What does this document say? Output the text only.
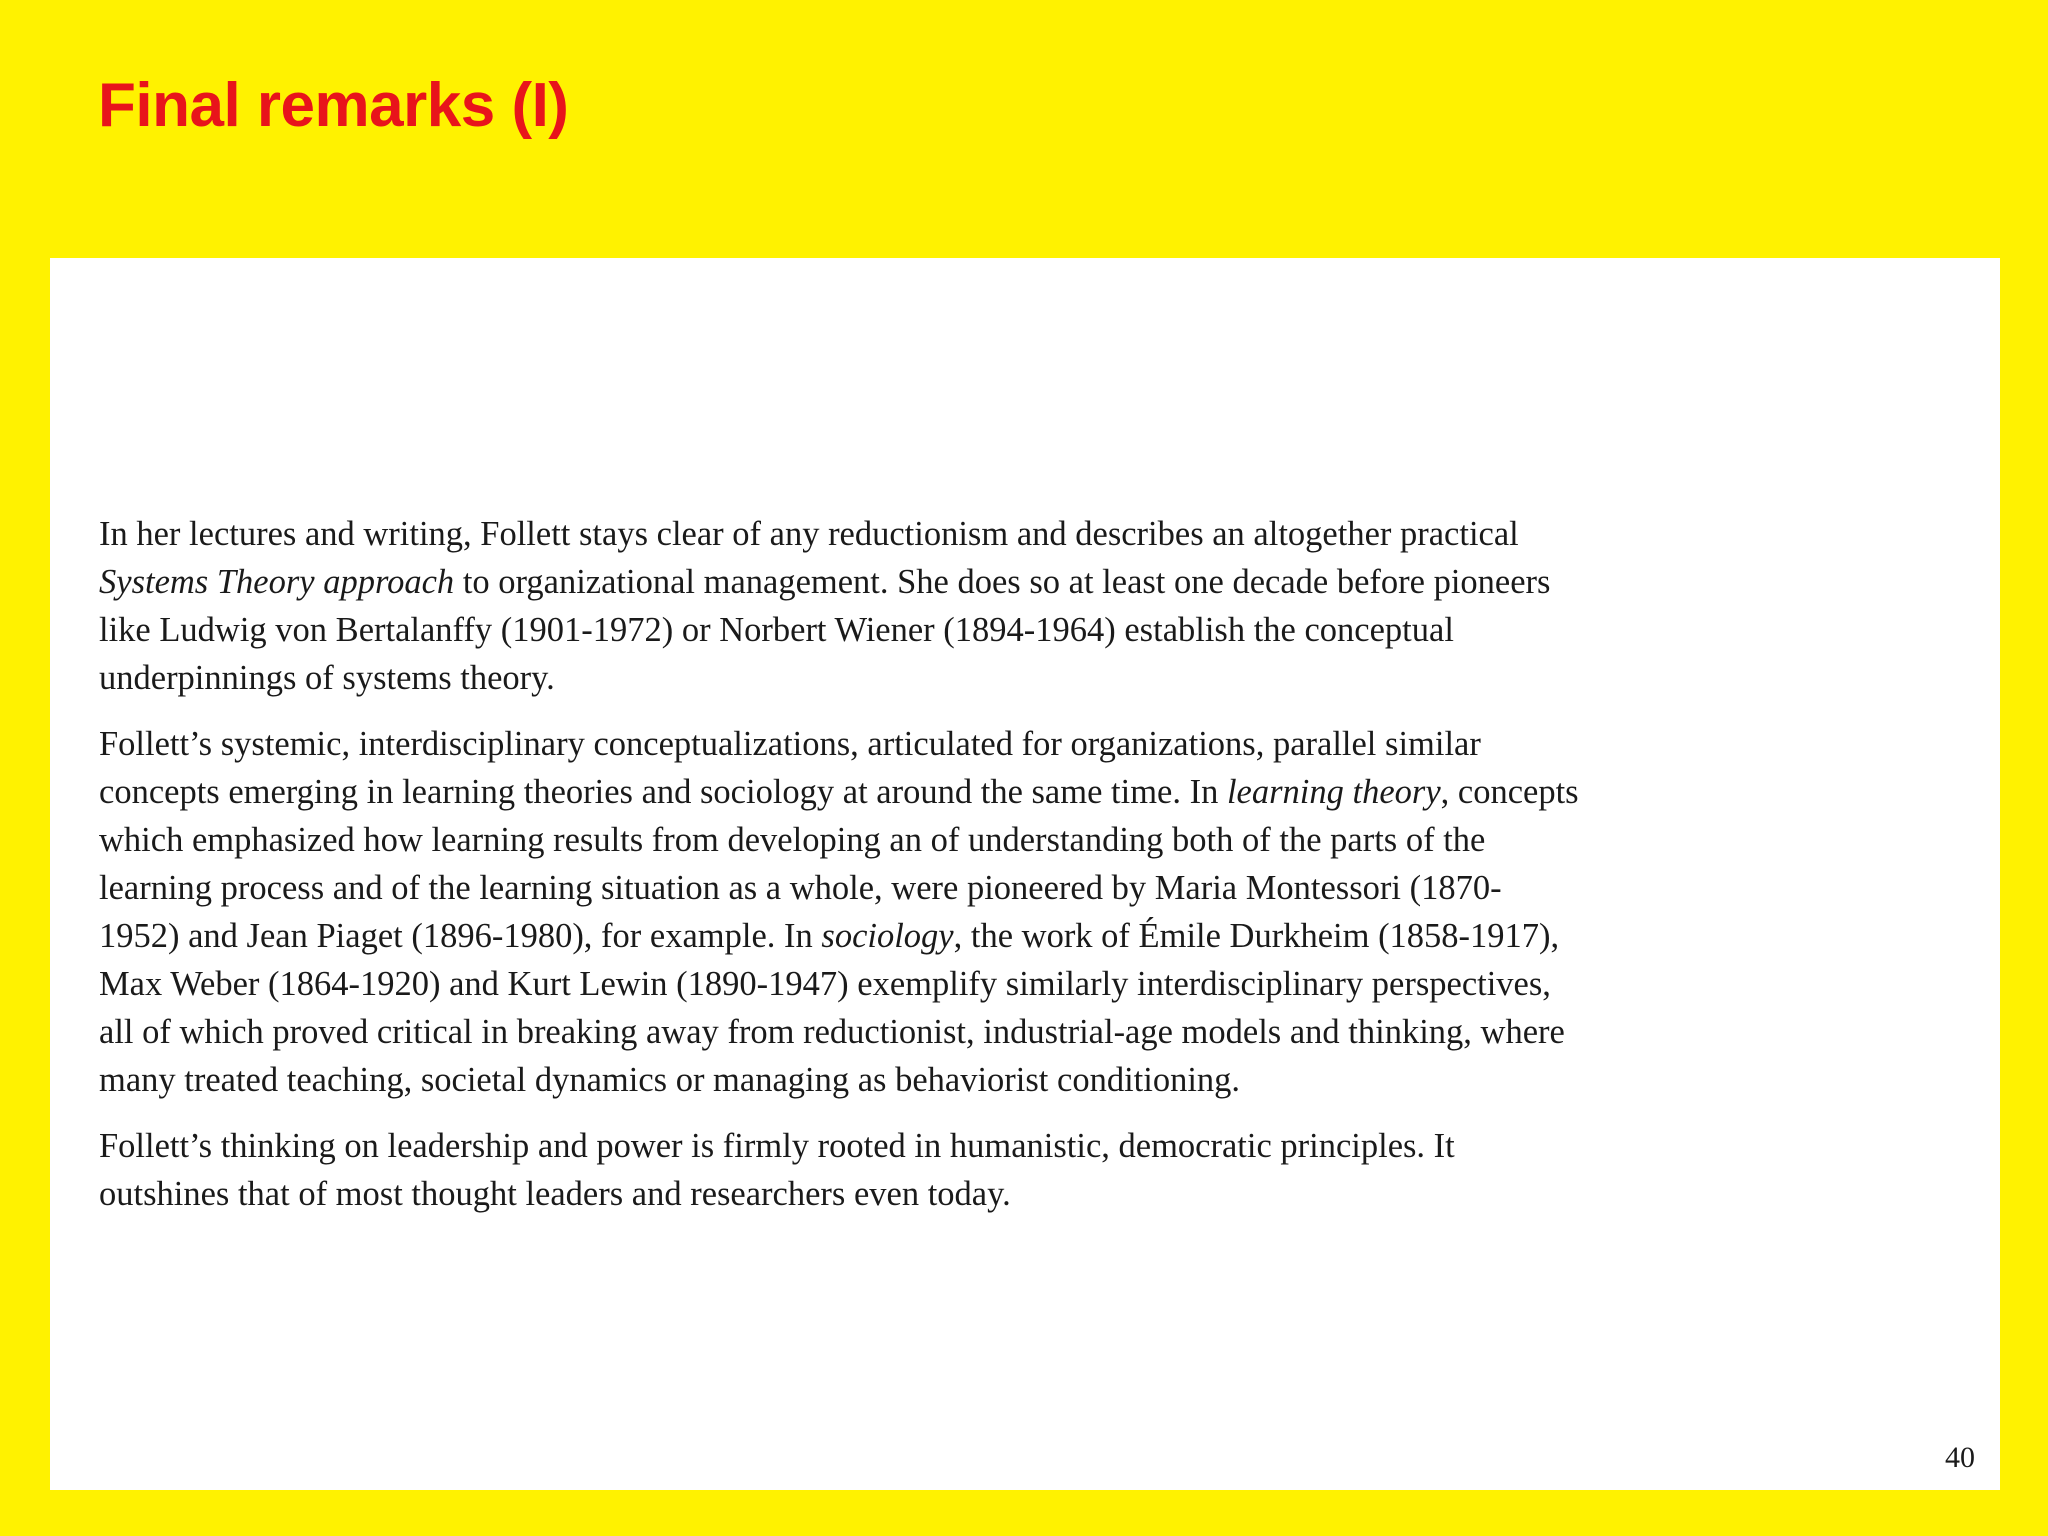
Final remarks (I)

In her lectures and writing, Follett stays clear of any reductionism and describes an altogether practical Systems Theory approach to organizational management. She does so at least one decade before pioneers like Ludwig von Bertalanffy (1901-1972) or Norbert Wiener (1894-1964) establish the conceptual underpinnings of systems theory.

Follett’s systemic, interdisciplinary conceptualizations, articulated for organizations, parallel similar concepts emerging in learning theories and sociology at around the same time. In learning theory, concepts which emphasized how learning results from developing an of understanding both of the parts of the learning process and of the learning situation as a whole, were pioneered by Maria Montessori (1870-1952) and Jean Piaget (1896-1980), for example. In sociology, the work of Émile Durkheim (1858-1917), Max Weber (1864-1920) and Kurt Lewin (1890-1947) exemplify similarly interdisciplinary perspectives, all of which proved critical in breaking away from reductionist, industrial-age models and thinking, where many treated teaching, societal dynamics or managing as behaviorist conditioning.

Follett’s thinking on leadership and power is firmly rooted in humanistic, democratic principles. It outshines that of most thought leaders and researchers even today.

40
